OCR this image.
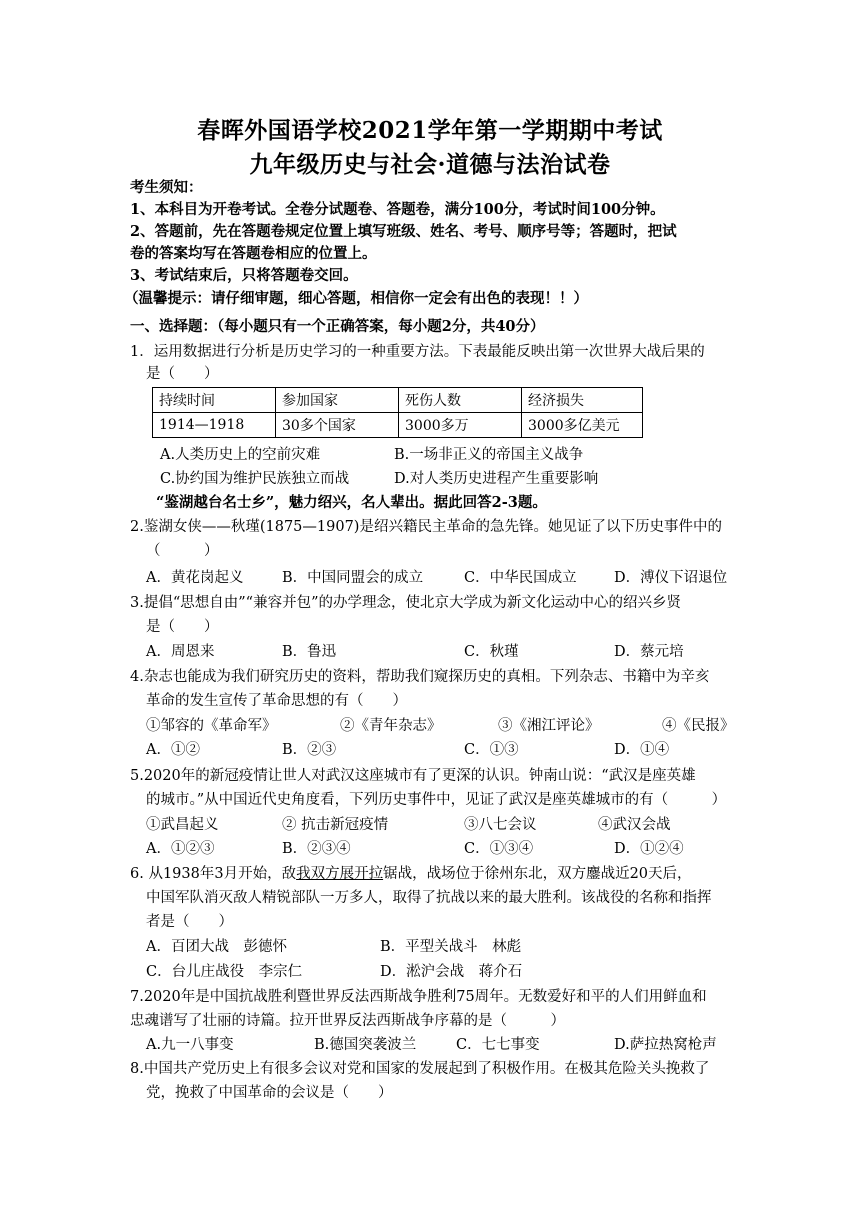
春晖外国语学校2021学年第一学期期中考试
九年级历史与社会·道德与法治试卷
考生须知：
1、本科目为开卷考试。全卷分试题卷、答题卷，满分100分，考试时间100分钟。
2、答题前，先在答题卷规定位置上填写班级、姓名、考号、顺序号等；答题时，把试
卷的答案均写在答题卷相应的位置上。
3、考试结束后，只将答题卷交回。
（温馨提示：请仔细审题，细心答题，相信你一定会有出色的表现！！）
一、选择题：（每小题只有一个正确答案，每小题2分，共40分）
1．运用数据进行分析是历史学习的一种重要方法。下表最能反映出第一次世界大战后果的
是（　　）
持续时间	参加国家	死伤人数	经济损失
1914—1918	30多个国家	3000多万	3000多亿美元
A.人类历史上的空前灾难	B.一场非正义的帝国主义战争
C.协约国为维护民族独立而战	D.对人类历史进程产生重要影响
“鉴湖越台名士乡”，魅力绍兴，名人辈出。据此回答2-3题。
2.鉴湖女侠——秋瑾(1875—1907)是绍兴籍民主革命的急先锋。她见证了以下历史事件中的
（　　　）
A．黄花岗起义	B．中国同盟会的成立	C．中华民国成立	D．溥仪下诏退位
3.提倡“思想自由”“兼容并包”的办学理念，使北京大学成为新文化运动中心的绍兴乡贤
是（　　）
A．周恩来	B．鲁迅	C．秋瑾	D．蔡元培
4.杂志也能成为我们研究历史的资料，帮助我们窥探历史的真相。下列杂志、书籍中为辛亥
革命的发生宣传了革命思想的有（　　）
①邹容的《革命军》	②《青年杂志》	③《湘江评论》	④《民报》
A．①②	B．②③	C．①③	D．①④
5.2020年的新冠疫情让世人对武汉这座城市有了更深的认识。钟南山说：“武汉是座英雄
的城市。”从中国近代史角度看，下列历史事件中，见证了武汉是座英雄城市的有（　　　）
①武昌起义	② 抗击新冠疫情	③八七会议	④武汉会战
A．①②③	B．②③④	C．①③④	D．①②④
6. 从1938年3月开始，敌我双方展开拉锯战，战场位于徐州东北，双方鏖战近20天后，
中国军队消灭敌人精锐部队一万多人，取得了抗战以来的最大胜利。该战役的名称和指挥
者是（　　）
A．百团大战　彭德怀	B．平型关战斗　林彪
C．台儿庄战役　李宗仁	D．淞沪会战　蒋介石
7.2020年是中国抗战胜利暨世界反法西斯战争胜利75周年。无数爱好和平的人们用鲜血和
忠魂谱写了壮丽的诗篇。拉开世界反法西斯战争序幕的是（　　　）
A.九一八事变	B.德国突袭波兰	C．七七事变	D.萨拉热窝枪声
8.中国共产党历史上有很多会议对党和国家的发展起到了积极作用。在极其危险关头挽救了
党，挽救了中国革命的会议是（　　）
